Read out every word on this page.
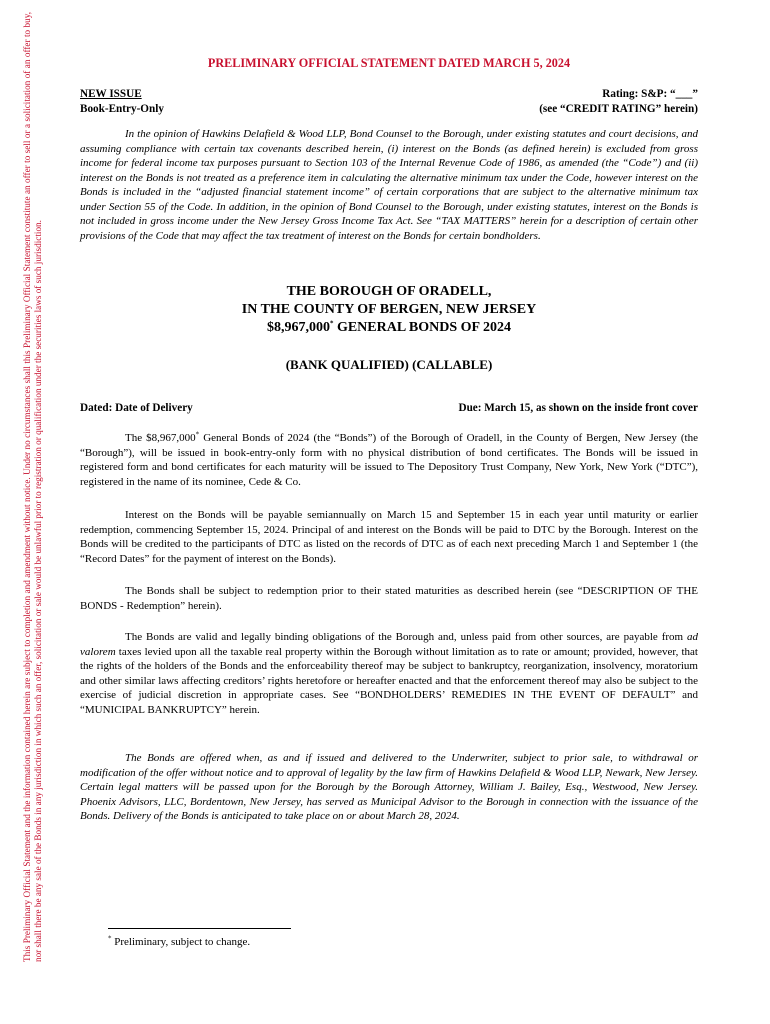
This Preliminary Official Statement and the information contained herein are subject to completion and amendment without notice. Under no circumstances shall this Preliminary Official Statement constitute an offer to sell or a solicitation of an offer to buy, nor shall there be any sale of the Bonds in any jurisdiction in which such an offer, solicitation or sale would be unlawful prior to registration or qualification under the securities laws of such jurisdiction.
PRELIMINARY OFFICIAL STATEMENT DATED MARCH 5, 2024
NEW ISSUE
Book-Entry-Only
Rating: S&P: “___”
(see “CREDIT RATING” herein)

In the opinion of Hawkins Delafield & Wood LLP, Bond Counsel to the Borough, under existing statutes and court decisions, and assuming compliance with certain tax covenants described herein, (i) interest on the Bonds (as defined herein) is excluded from gross income for federal income tax purposes pursuant to Section 103 of the Internal Revenue Code of 1986, as amended (the “Code”) and (ii) interest on the Bonds is not treated as a preference item in calculating the alternative minimum tax under the Code, however interest on the Bonds is included in the “adjusted financial statement income” of certain corporations that are subject to the alternative minimum tax under Section 55 of the Code. In addition, in the opinion of Bond Counsel to the Borough, under existing statutes, interest on the Bonds is not included in gross income under the New Jersey Gross Income Tax Act. See “TAX MATTERS” herein for a description of certain other provisions of the Code that may affect the tax treatment of interest on the Bonds for certain bondholders.

THE BOROUGH OF ORADELL,
IN THE COUNTY OF BERGEN, NEW JERSEY
$8,967,000* GENERAL BONDS OF 2024
(BANK QUALIFIED) (CALLABLE)
Dated: Date of Delivery	Due: March 15, as shown on the inside front cover

The $8,967,000* General Bonds of 2024 (the “Bonds”) of the Borough of Oradell, in the County of Bergen, New Jersey (the “Borough”), will be issued in book-entry-only form with no physical distribution of bond certificates. The Bonds will be issued in registered form and bond certificates for each maturity will be issued to The Depository Trust Company, New York, New York (“DTC”), registered in the name of its nominee, Cede & Co.

Interest on the Bonds will be payable semiannually on March 15 and September 15 in each year until maturity or earlier redemption, commencing September 15, 2024. Principal of and interest on the Bonds will be paid to DTC by the Borough. Interest on the Bonds will be credited to the participants of DTC as listed on the records of DTC as of each next preceding March 1 and September 1 (the “Record Dates” for the payment of interest on the Bonds).

The Bonds shall be subject to redemption prior to their stated maturities as described herein (see “DESCRIPTION OF THE BONDS - Redemption” herein).

The Bonds are valid and legally binding obligations of the Borough and, unless paid from other sources, are payable from ad valorem taxes levied upon all the taxable real property within the Borough without limitation as to rate or amount; provided, however, that the rights of the holders of the Bonds and the enforceability thereof may be subject to bankruptcy, reorganization, insolvency, moratorium and other similar laws affecting creditors’ rights heretofore or hereafter enacted and that the enforcement thereof may also be subject to the exercise of judicial discretion in appropriate cases. See “BONDHOLDERS’ REMEDIES IN THE EVENT OF DEFAULT” and “MUNICIPAL BANKRUPTCY” herein.

The Bonds are offered when, as and if issued and delivered to the Underwriter, subject to prior sale, to withdrawal or modification of the offer without notice and to approval of legality by the law firm of Hawkins Delafield & Wood LLP, Newark, New Jersey. Certain legal matters will be passed upon for the Borough by the Borough Attorney, William J. Bailey, Esq., Westwood, New Jersey. Phoenix Advisors, LLC, Bordentown, New Jersey, has served as Municipal Advisor to the Borough in connection with the issuance of the Bonds. Delivery of the Bonds is anticipated to take place on or about March 28, 2024.

* Preliminary, subject to change.
